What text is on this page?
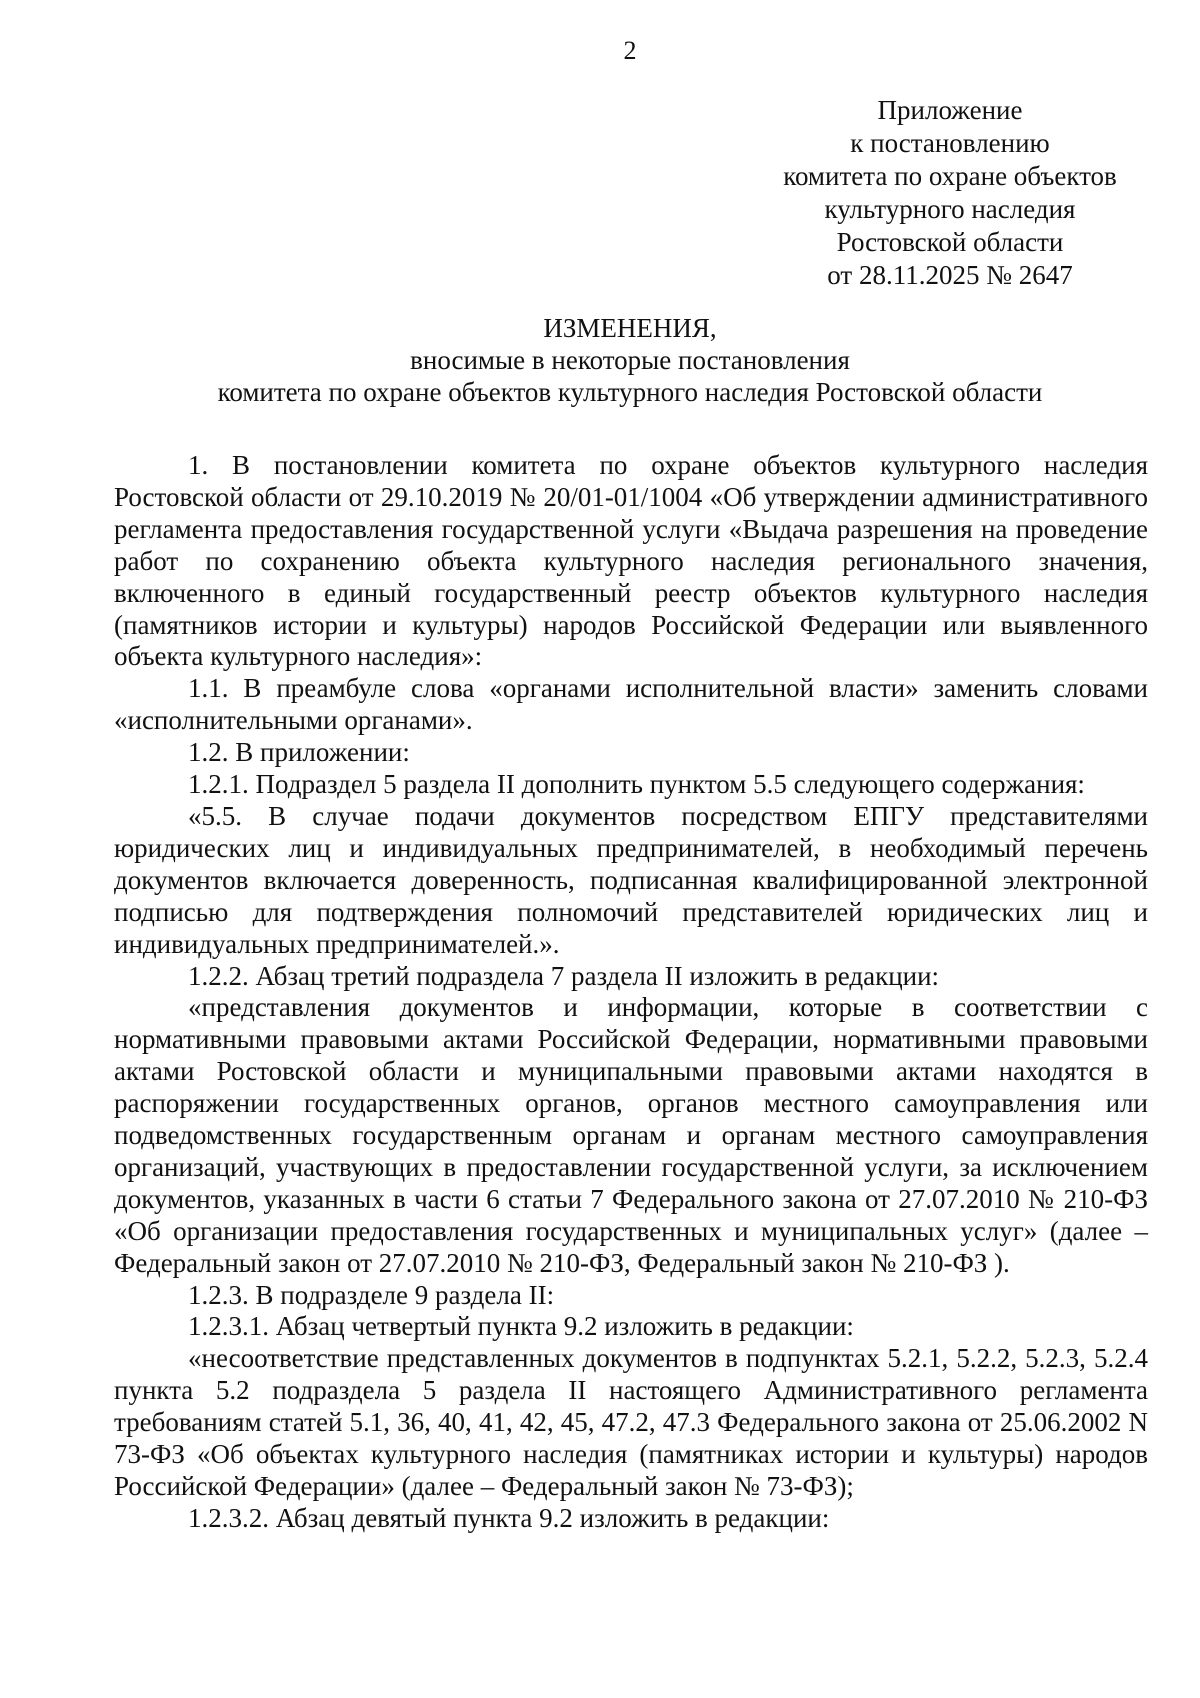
2
Приложение
к постановлению
комитета по охране объектов
культурного наследия
Ростовской области
от 28.11.2025 № 2647
ИЗМЕНЕНИЯ,
вносимые в некоторые постановления
комитета по охране объектов культурного наследия Ростовской области

1. В постановлении комитета по охране объектов культурного наследия Ростовской области от 29.10.2019 № 20/01-01/1004 «Об утверждении административного регламента предоставления государственной услуги «Выдача разрешения на проведение работ по сохранению объекта культурного наследия регионального значения, включенного в единый государственный реестр объектов культурного наследия (памятников истории и культуры) народов Российской Федерации или выявленного объекта культурного наследия»:

1.1. В преамбуле слова «органами исполнительной власти» заменить словами «исполнительными органами».

1.2. В приложении:

1.2.1. Подраздел 5 раздела II дополнить пунктом 5.5 следующего содержания:

«5.5. В случае подачи документов посредством ЕПГУ представителями юридических лиц и индивидуальных предпринимателей, в необходимый перечень документов включается доверенность, подписанная квалифицированной электронной подписью для подтверждения полномочий представителей юридических лиц и индивидуальных предпринимателей.».

1.2.2. Абзац третий подраздела 7 раздела II изложить в редакции:

«представления документов и информации, которые в соответствии с нормативными правовыми актами Российской Федерации, нормативными правовыми актами Ростовской области и муниципальными правовыми актами находятся в распоряжении государственных органов, органов местного самоуправления или подведомственных государственным органам и органам местного самоуправления организаций, участвующих в предоставлении государственной услуги, за исключением документов, указанных в части 6 статьи 7 Федерального закона от 27.07.2010 № 210-ФЗ «Об организации предоставления государственных и муниципальных услуг» (далее – Федеральный закон от 27.07.2010 № 210-ФЗ, Федеральный закон № 210-ФЗ ).

1.2.3. В подразделе 9 раздела II:

1.2.3.1. Абзац четвертый пункта 9.2 изложить в редакции:

«несоответствие представленных документов в подпунктах 5.2.1, 5.2.2, 5.2.3, 5.2.4 пункта 5.2 подраздела 5 раздела II настоящего Административного регламента требованиям статей 5.1, 36, 40, 41, 42, 45, 47.2, 47.3 Федерального закона от 25.06.2002 N 73-ФЗ «Об объектах культурного наследия (памятниках истории и культуры) народов Российской Федерации» (далее – Федеральный закон № 73-ФЗ);

1.2.3.2. Абзац девятый пункта 9.2 изложить в редакции:
